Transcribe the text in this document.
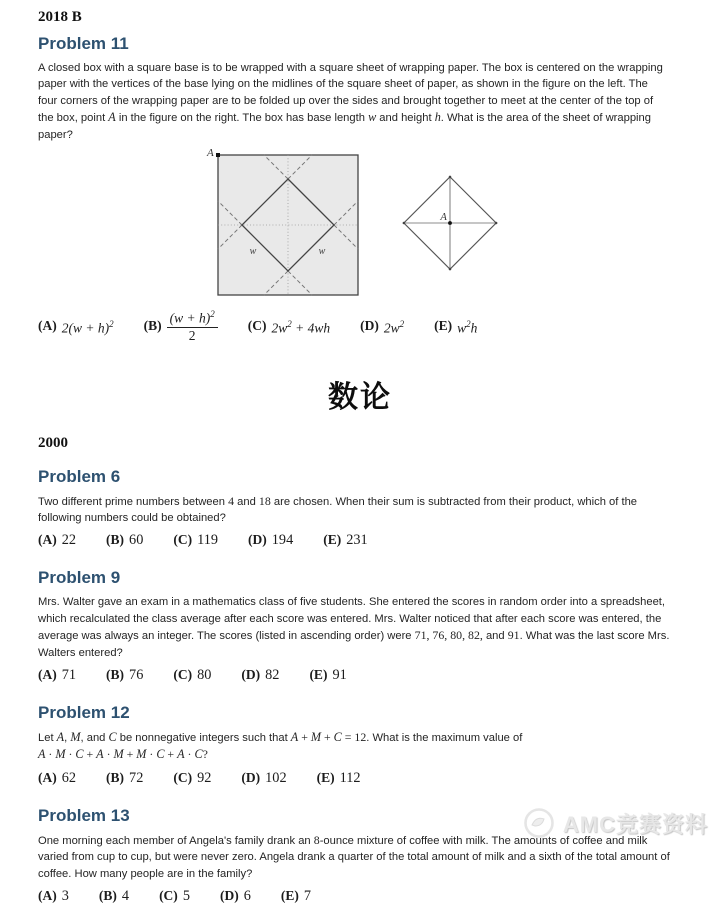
2018 B
Problem 11

A closed box with a square base is to be wrapped with a square sheet of wrapping paper. The box is centered on the wrapping paper with the vertices of the base lying on the midlines of the square sheet of paper, as shown in the figure on the left. The four corners of the wrapping paper are to be folded up over the sides and brought together to meet at the center of the top of the box, point A in the figure on the right. The box has base length w and height h. What is the area of the sheet of wrapping paper?

A
w	w
A
(A) $2(w + h)^2$ $(B) \frac{(w + h)^2}{2} (C) 2w^2 + 4wh$ (D) $2w^2$ (E) $w^2h$
数论
2000
Problem 6

Two different prime numbers between 4 and 18 are chosen. When their sum is subtracted from their product, which of the following numbers could be obtained?

(A) 22 (B) 60 (C) 119 (D) 194 (E) 231
Problem 9

Mrs. Walter gave an exam in a mathematics class of five students. She entered the scores in random order into a spreadsheet, which recalculated the class average after each score was entered. Mrs. Walter noticed that after each score was entered, the average was always an integer. The scores (listed in ascending order) were 71, 76, 80, 82, and 91. What was the last score Mrs. Walters entered?

(A) 71 (B) 76 (C) 80 (D) 82 (E) 91
Problem 12

Let A, M, and C be nonnegative integers such that A + M + C = 12. What is the maximum value of

A · M · C + A · M + M · C + A · C?

(A) 62 (B) 72 (C) 92 (D) 102 (E) 112
Problem 13

One morning each member of Angela's family drank an 8-ounce mixture of coffee with milk. The amounts of coffee and milk varied from cup to cup, but were never zero. Angela drank a quarter of the total amount of milk and a sixth of the total amount of coffee. How many people are in the family?

(A) 3 (B) 4 (C) 5 (D) 6 (E) 7
AMC竞赛资料
